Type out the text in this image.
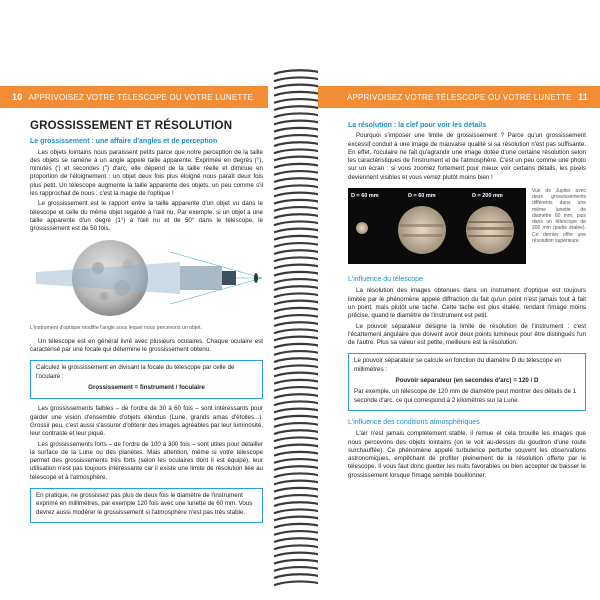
10 APPRIVOISEZ VOTRE TÉLESCOPE OU VOTRE LUNETTE
GROSSISSEMENT ET RÉSOLUTION
Le grossissement : une affaire d'angles et de perception

Les objets lointains nous paraissent petits parce que notre perception de la taille des objets se ramène à un angle appelé taille apparente. Exprimée en degrés (°), minutes (') et secondes (") d'arc, elle dépend de la taille réelle et diminue en proportion de l'éloignement : un objet deux fois plus éloigné nous paraît deux fois plus petit. Un télescope augmente la taille apparente des objets, un peu comme s'il les rapprochait de nous : c'est la magie de l'optique !

Le grossissement est le rapport entre la taille apparente d'un objet vu dans le télescope et celle du même objet regardé à l'œil nu. Par exemple, si un objet a une taille apparente d'un degré (1°) à l'œil nu et de 50° dans le télescope, le grossissement est de 50 fois.

L'instrument d'optique modifie l'angle sous lequel nous percevons un objet.

Un télescope est en général livré avec plusieurs oculaires. Chaque oculaire est caractérisé par une focale qui détermine le grossissement obtenu.

Calculez le grossissement en divisant la focale du télescope par celle de l'oculaire :

Grossissement = finstrument / foculaire

Les grossissements faibles – de l'ordre de 30 à 60 fois – sont intéressants pour garder une vision d'ensemble d'objets étendus (Lune, grands amas d'étoiles...). Grossir peu, c'est aussi s'assurer d'obtenir des images agréables par leur luminosité, leur contraste et leur piqué.

Les grossissements forts – de l'ordre de 100 à 300 fois – sont utiles pour détailler la surface de la Lune ou des planètes. Mais attention, même si votre télescope permet des grossissements très forts (selon les oculaires dont il est équipé), leur utilisation n'est pas toujours intéressante car il existe une limite de résolution liée au télescope et à l'atmosphère.

En pratique, ne grossissez pas plus de deux fois le diamètre de l'instrument exprimé en millimètres, par exemple 120 fois avec une lunette de 60 mm. Vous devrez aussi modérer le grossissement si l'atmosphère n'est pas très stable.

APPRIVOISEZ VOTRE TÉLESCOPE OU VOTRE LUNETTE 11
La résolution : la clef pour voir les détails

Pourquoi s'imposer une limite de grossissement ? Parce qu'un grossissement excessif conduit à une image de mauvaise qualité si sa résolution n'est pas suffisante. En effet, l'oculaire ne fait qu'agrandir une image dotée d'une certaine résolution selon les caractéristiques de l'instrument et de l'atmosphère. C'est un peu comme une photo sur un écran : si vous zoomez fortement pour mieux voir certains détails, les pixels deviennent visibles et vous verrez plutôt moins bien !

D = 60 mm	D = 60 mm	D = 200 mm
Vue de Jupiter avec deux grossissements différents dans une même lunette de diamètre 60 mm, puis dans un télescope de 200 mm (partie étalée). Ce dernier offre une résolution supérieure.
L'influence du télescope

La résolution des images obtenues dans un instrument d'optique est toujours limitée par le phénomène appelé diffraction du fait qu'un point n'est jamais tout à fait un point, mais plutôt une tache. Cette tache est plus étalée, rendant l'image moins précise, quand le diamètre de l'instrument est petit.

Le pouvoir séparateur désigne la limite de résolution de l'instrument : c'est l'écartement angulaire que doivent avoir deux points lumineux pour être distingués l'un de l'autre. Plus sa valeur est petite, meilleure est la résolution.

Le pouvoir séparateur se calcule en fonction du diamètre D du télescope en millimètres :

Pouvoir séparateur (en secondes d'arc) = 120 / D

Par exemple, un télescope de 120 mm de diamètre peut montrer des détails de 1 seconde d'arc, ce qui correspond à 2 kilomètres sur la Lune.

L'influence des conditions atmosphériques

L'air n'est jamais complètement stable, il remue et cela brouille les images que nous percevons des objets lointains (on le voit au-dessus du goudron d'une route surchauffée). Ce phénomène appelé turbulence perturbe souvent les observations astronomiques, empêchant de profiter pleinement de la résolution offerte par le télescope. Il vous faut donc guetter les nuits favorables ou bien accepter de baisser le grossissement lorsque l'image semble bouillonner.
